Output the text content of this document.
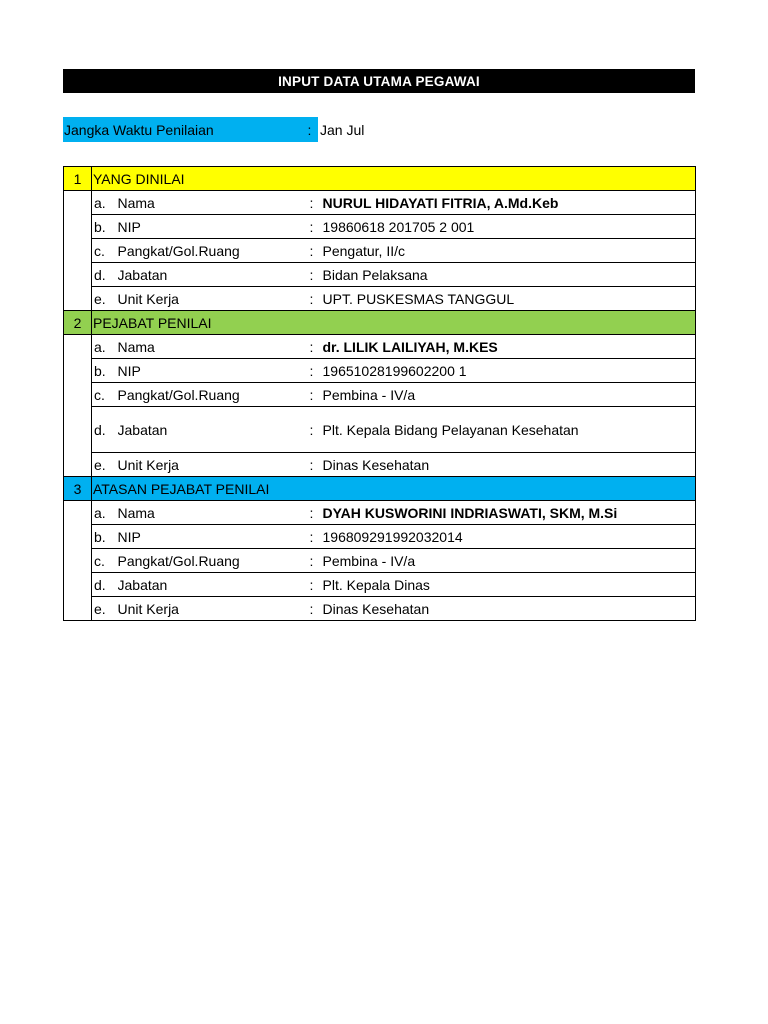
INPUT DATA UTAMA PEGAWAI
Jangka Waktu Penilaian	: Jan Jul
1	YANG DINILAI			
	a.	Nama	:	NURUL HIDAYATI FITRIA, A.Md.Keb
	b.	NIP	:	19860618 201705 2 001
	c.	Pangkat/Gol.Ruang	:	Pengatur, II/c
	d.	Jabatan	:	Bidan Pelaksana
	e.	Unit Kerja	:	UPT. PUSKESMAS TANGGUL
2	PEJABAT PENILAI			
	a.	Nama	:	dr. LILIK LAILIYAH, M.KES
	b.	NIP	:	19651028199602200 1
	c.	Pangkat/Gol.Ruang	:	Pembina - IV/a
	d.	Jabatan	:	Plt. Kepala Bidang Pelayanan Kesehatan
	e.	Unit Kerja	:	Dinas Kesehatan
3	ATASAN PEJABAT PENILAI			
	a.	Nama	:	DYAH KUSWORINI INDRIASWATI, SKM, M.Si
	b.	NIP	:	196809291992032014
	c.	Pangkat/Gol.Ruang	:	Pembina - IV/a
	d.	Jabatan	:	Plt. Kepala Dinas
	e.	Unit Kerja	:	Dinas Kesehatan
